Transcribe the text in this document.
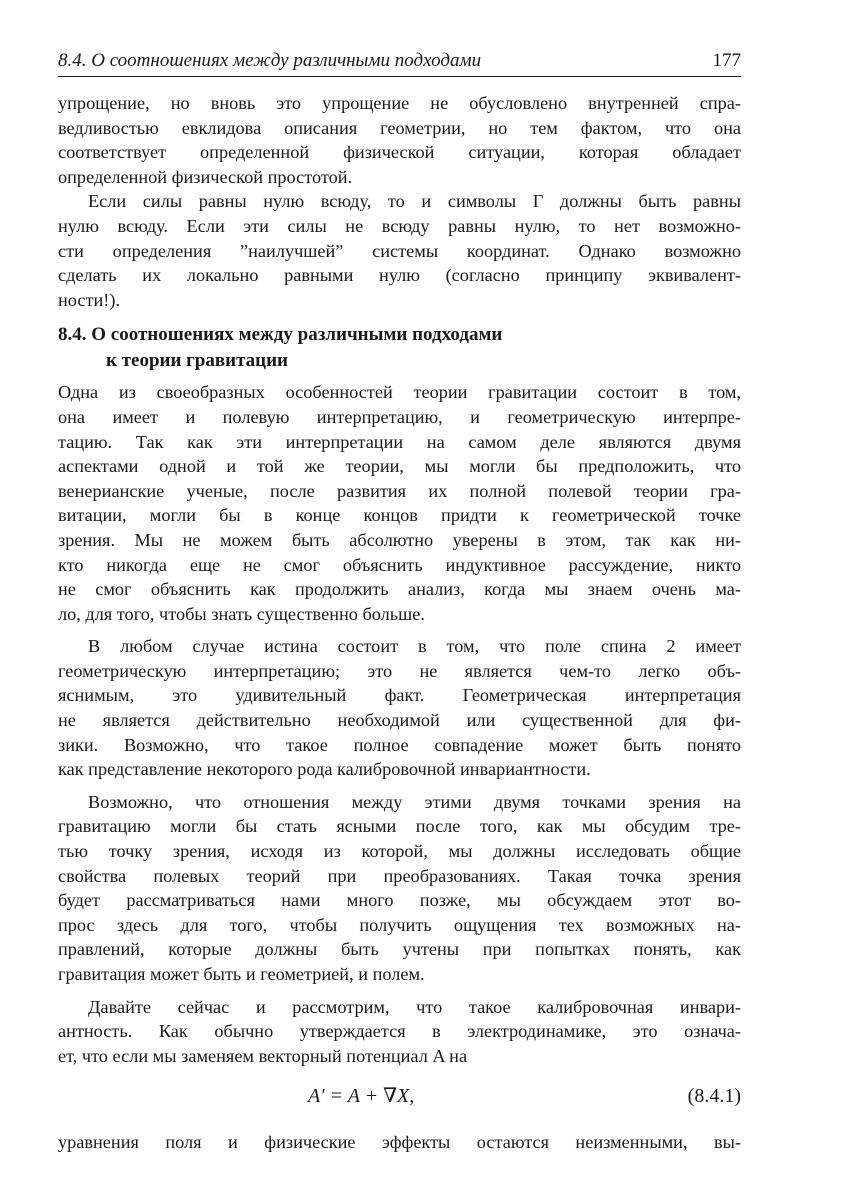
8.4. О соотношениях между различными подходами	177
упрощение, но вновь это упрощение не обусловлено внутренней спра-
ведливостью евклидова описания геометрии, но тем фактом, что она
соответствует определенной физической ситуации, которая обладает
определенной физической простотой.
Если силы равны нулю всюду, то и символы Γ должны быть равны
нулю всюду. Если эти силы не всюду равны нулю, то нет возможно-
сти определения ”наилучшей” системы координат. Однако возможно
сделать их локально равными нулю (согласно принципу эквивалент-
ности!).
8.4. О соотношениях между различными подходами
к теории гравитации
Одна из своеобразных особенностей теории гравитации состоит в том,
она имеет и полевую интерпретацию, и геометрическую интерпре-
тацию. Так как эти интерпретации на самом деле являются двумя
аспектами одной и той же теории, мы могли бы предположить, что
венерианские ученые, после развития их полной полевой теории гра-
витации, могли бы в конце концов придти к геометрической точке
зрения. Мы не можем быть абсолютно уверены в этом, так как ни-
кто никогда еще не смог объяснить индуктивное рассуждение, никто
не смог объяснить как продолжить анализ, когда мы знаем очень ма-
ло, для того, чтобы знать существенно больше.
В любом случае истина состоит в том, что поле спина 2 имеет
геометрическую интерпретацию; это не является чем-то легко объ-
яснимым, это удивительный факт. Геометрическая интерпретация
не является действительно необходимой или существенной для фи-
зики. Возможно, что такое полное совпадение может быть понято
как представление некоторого рода калибровочной инвариантности.
Возможно, что отношения между этими двумя точками зрения на
гравитацию могли бы стать ясными после того, как мы обсудим тре-
тью точку зрения, исходя из которой, мы должны исследовать общие
свойства полевых теорий при преобразованиях. Такая точка зрения
будет рассматриваться нами много позже, мы обсуждаем этот во-
прос здесь для того, чтобы получить ощущения тех возможных на-
правлений, которые должны быть учтены при попытках понять, как
гравитация может быть и геометрией, и полем.
Давайте сейчас и рассмотрим, что такое калибровочная инвари-
антность. Как обычно утверждается в электродинамике, это означа-
ет, что если мы заменяем векторный потенциал A на
A′ = A + ∇X,	(8.4.1)
уравнения поля и физические эффекты остаются неизменными, вы-
